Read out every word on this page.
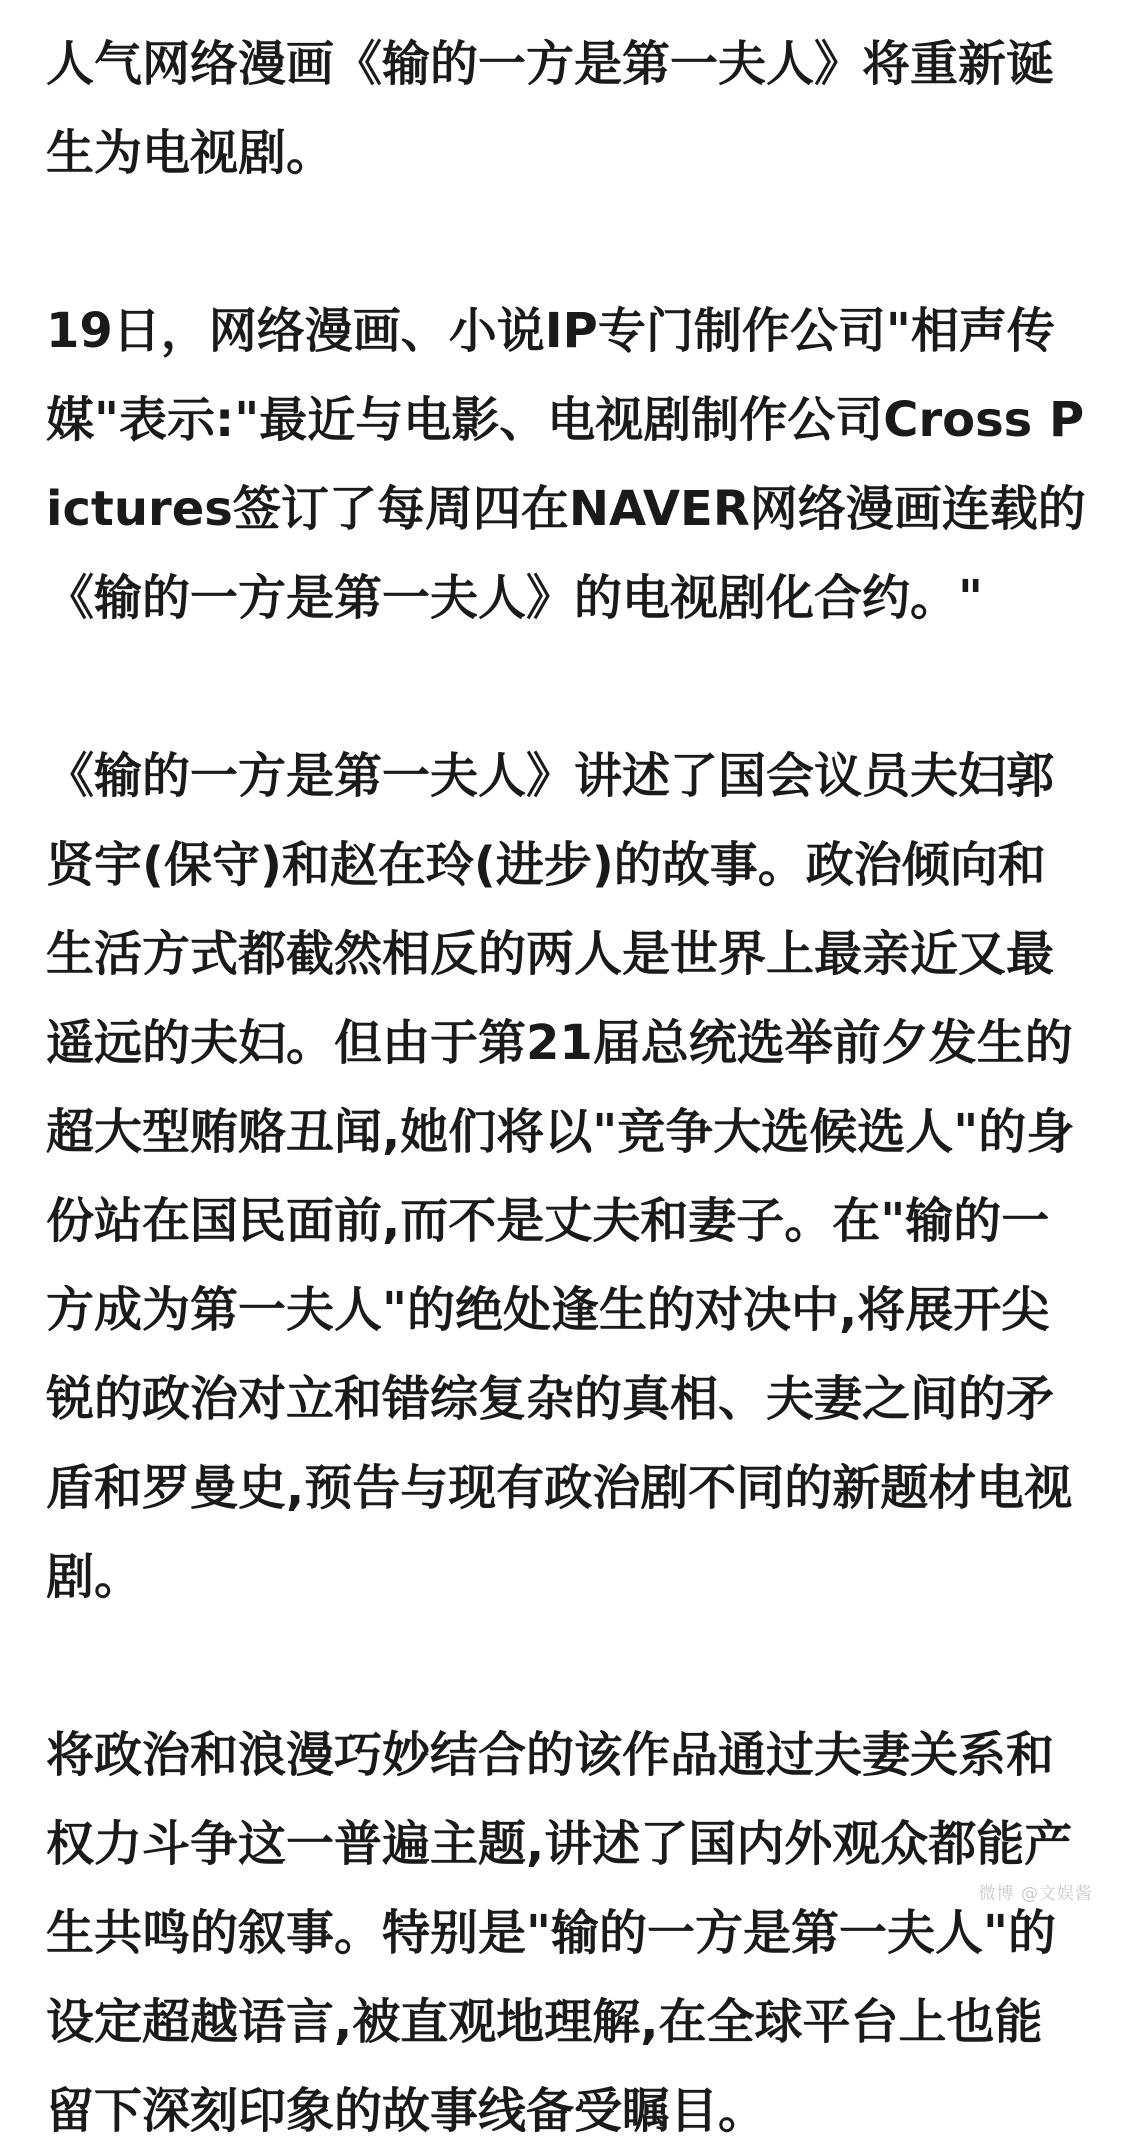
人气网络漫画《输的一方是第一夫人》将重新诞生为电视剧。

19日，网络漫画、小说IP专门制作公司"相声传媒"表示:"最近与电影、电视剧制作公司Cross Pictures签订了每周四在NAVER网络漫画连载的《输的一方是第一夫人》的电视剧化合约。"

《输的一方是第一夫人》讲述了国会议员夫妇郭贤宇(保守)和赵在玲(进步)的故事。政治倾向和生活方式都截然相反的两人是世界上最亲近又最遥远的夫妇。但由于第21届总统选举前夕发生的超大型贿赂丑闻,她们将以"竞争大选候选人"的身份站在国民面前,而不是丈夫和妻子。在"输的一方成为第一夫人"的绝处逢生的对决中,将展开尖锐的政治对立和错综复杂的真相、夫妻之间的矛盾和罗曼史,预告与现有政治剧不同的新题材电视剧。

将政治和浪漫巧妙结合的该作品通过夫妻关系和权力斗争这一普遍主题,讲述了国内外观众都能产生共鸣的叙事。特别是"输的一方是第一夫人"的设定超越语言,被直观地理解,在全球平台上也能留下深刻印象的故事线备受瞩目。

微博 @文娱酱
